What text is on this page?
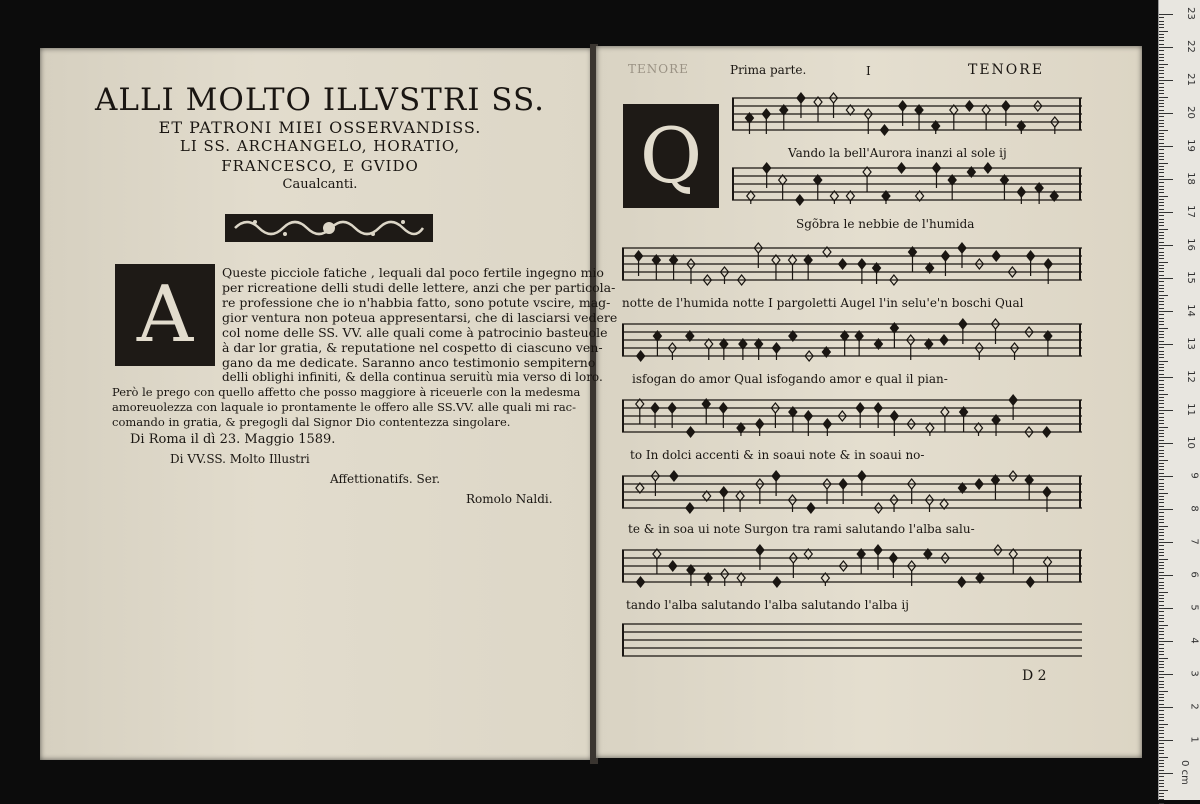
ALLI MOLTO ILLVSTRI SS.
ET PATRONI MIEI OSSERVANDISS.
LI SS. ARCHANGELO, HORATIO,
FRANCESCO, E GVIDO
Caualcanti.
A	Queste picciole fatiche , lequali dal poco fertile ingegno mio
per ricreatione delli studi delle lettere, anzi che per particola-
re professione che io n'habbia fatto, sono potute vscire, mag-
gior ventura non poteua appresentarsi, che di lasciarsi vedere
col nome delle SS. VV. alle quali come à patrocinio basteuole
à dar lor gratia, & reputatione nel cospetto di ciascuno ven-
gano da me dedicate. Saranno anco testimonio sempiterno
delli oblighi infiniti, & della continua seruitù mia verso di loro.
Però le prego con quello affetto che posso maggiore à riceuerle con la medesma
amoreuolezza con laquale io prontamente le offero alle SS.VV. alle quali mi rac-
comando in gratia, & pregogli dal Signor Dio contentezza singolare.
Di Roma il dì 23. Maggio 1589.
Di VV.SS. Molto Illustri
Affettionatifs. Ser.
Romolo Naldi.
TENORE	Prima parte.	I	TENORE
Q	Vando la bell'Aurora inanzi al sole ij
Sgõbra le nebbie de l'humida
notte de l'humida notte I pargoletti Augel l'in selu'e'n boschi Qual
isfogan do amor Qual isfogando amor e qual il pian-
to In dolci accenti & in soaui note & in soaui no-
te & in soa ui note Surgon tra rami salutando l'alba salu-
tando l'alba salutando l'alba salutando l'alba ij
D 2
23
22
21
20
19
18
17
16
15
14
13
12
11
10
9
8
7
6
5
4
3
2
1
0 cm
